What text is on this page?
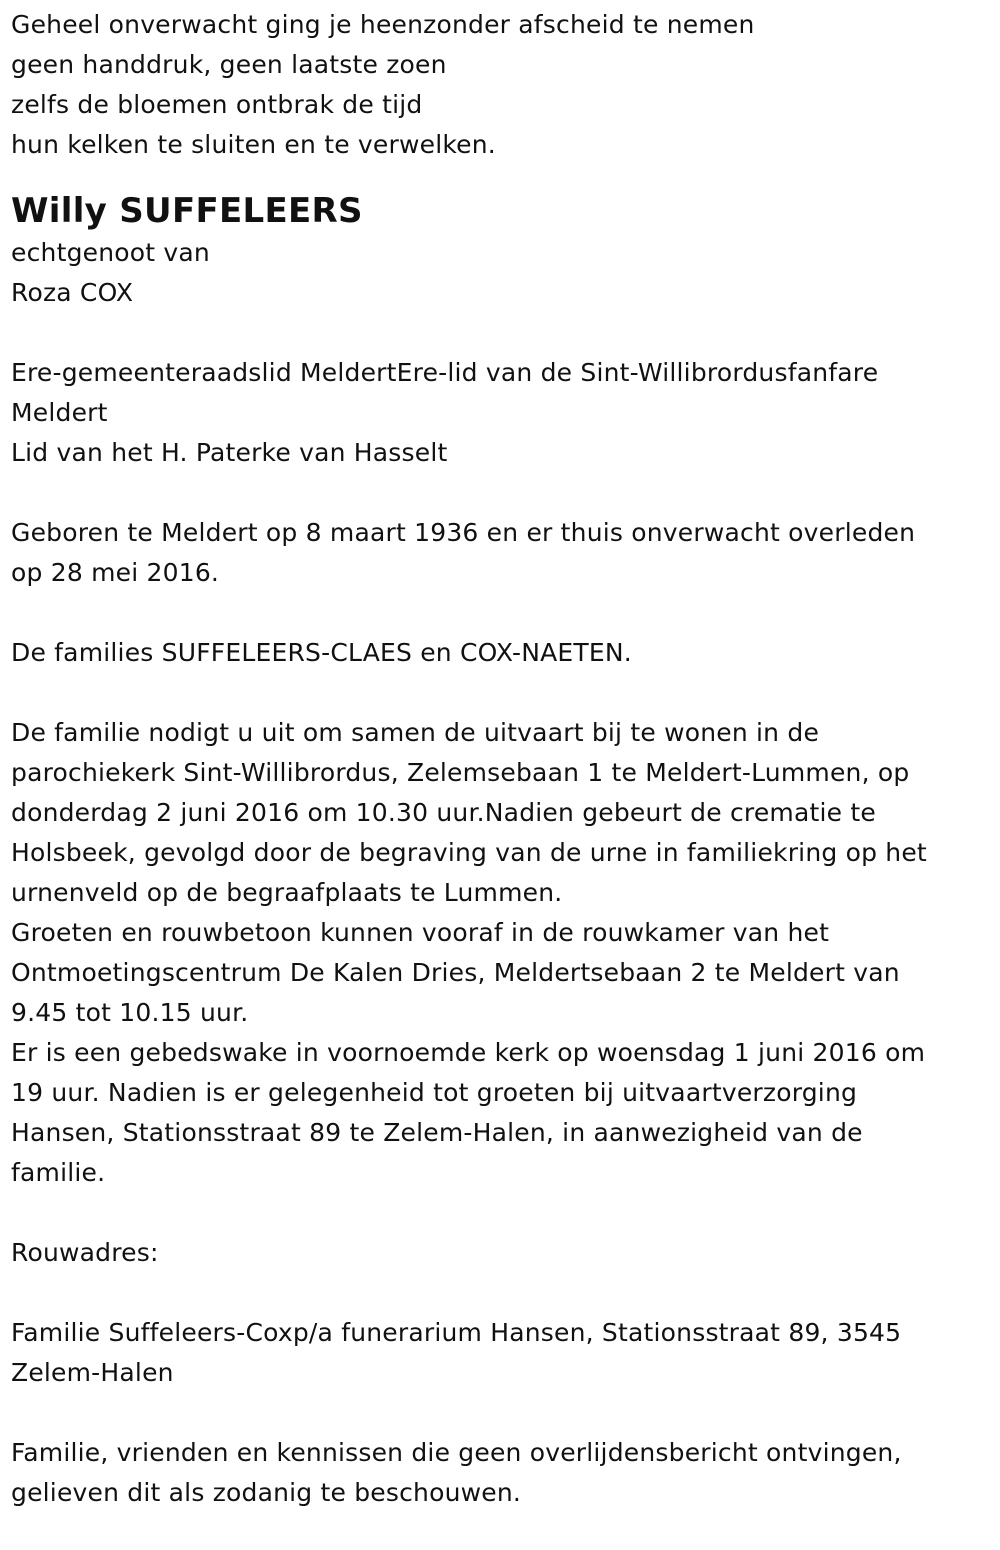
Geheel onverwacht ging je heenzonder afscheid te nemen
geen handdruk, geen laatste zoen
zelfs de bloemen ontbrak de tijd
hun kelken te sluiten en te verwelken.
Willy SUFFELEERS
echtgenoot van
Roza COX
Ere-gemeenteraadslid MeldertEre-lid van de Sint-Willibrordusfanfare
Meldert
Lid van het H. Paterke van Hasselt
Geboren te Meldert op 8 maart 1936 en er thuis onverwacht overleden
op 28 mei 2016.
De families SUFFELEERS-CLAES en COX-NAETEN.
De familie nodigt u uit om samen de uitvaart bij te wonen in de
parochiekerk Sint-Willibrordus, Zelemsebaan 1 te Meldert-Lummen, op
donderdag 2 juni 2016 om 10.30 uur.Nadien gebeurt de crematie te
Holsbeek, gevolgd door de begraving van de urne in familiekring op het
urnenveld op de begraafplaats te Lummen.
Groeten en rouwbetoon kunnen vooraf in de rouwkamer van het
Ontmoetingscentrum De Kalen Dries, Meldertsebaan 2 te Meldert van
9.45 tot 10.15 uur.
Er is een gebedswake in voornoemde kerk op woensdag 1 juni 2016 om
19 uur. Nadien is er gelegenheid tot groeten bij uitvaartverzorging
Hansen, Stationsstraat 89 te Zelem-Halen, in aanwezigheid van de
familie.
Rouwadres:
Familie Suffeleers-Coxp/a funerarium Hansen, Stationsstraat 89, 3545
Zelem-Halen
Familie, vrienden en kennissen die geen overlijdensbericht ontvingen,
gelieven dit als zodanig te beschouwen.
